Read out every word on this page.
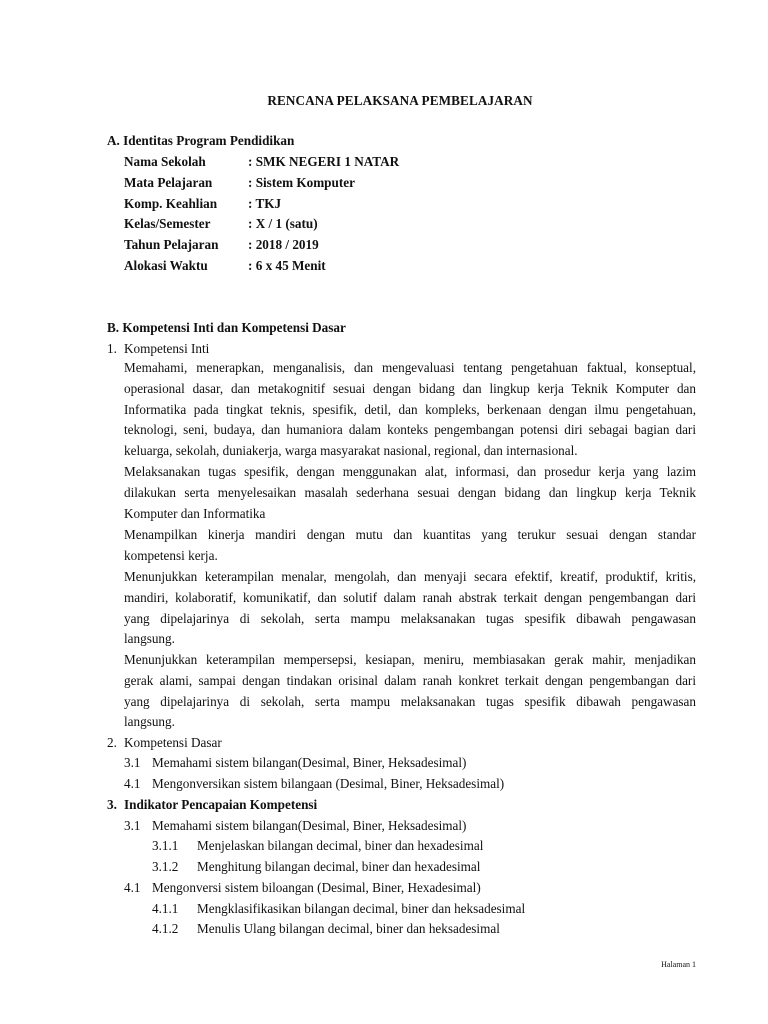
RENCANA PELAKSANA PEMBELAJARAN
A. Identitas Program Pendidikan
Nama Sekolah	: SMK NEGERI 1 NATAR
Mata Pelajaran	: Sistem Komputer
Komp. Keahlian : TKJ
Kelas/Semester	: X / 1 (satu)
Tahun Pelajaran : 2018 / 2019
Alokasi Waktu	: 6 x 45 Menit
B. Kompetensi Inti dan Kompetensi Dasar
1. Kompetensi Inti
Memahami, menerapkan, menganalisis, dan mengevaluasi tentang pengetahuan faktual, konseptual,
operasional dasar, dan metakognitif sesuai dengan bidang dan lingkup kerja Teknik Komputer dan
Informatika pada tingkat teknis, spesifik, detil, dan kompleks, berkenaan dengan ilmu pengetahuan,
teknologi, seni, budaya, dan humaniora dalam konteks pengembangan potensi diri sebagai bagian dari
keluarga, sekolah, duniakerja, warga masyarakat nasional, regional, dan internasional.
Melaksanakan tugas spesifik, dengan menggunakan alat, informasi, dan prosedur kerja yang lazim
dilakukan serta menyelesaikan masalah sederhana sesuai dengan bidang dan lingkup kerja Teknik
Komputer dan Informatika
Menampilkan kinerja mandiri dengan mutu dan kuantitas yang terukur sesuai dengan standar
kompetensi kerja.
Menunjukkan keterampilan menalar, mengolah, dan menyaji secara efektif, kreatif, produktif, kritis,
mandiri, kolaboratif, komunikatif, dan solutif dalam ranah abstrak terkait dengan pengembangan dari
yang dipelajarinya di sekolah, serta mampu melaksanakan tugas spesifik dibawah pengawasan
langsung.
Menunjukkan keterampilan mempersepsi, kesiapan, meniru, membiasakan gerak mahir, menjadikan
gerak alami, sampai dengan tindakan orisinal dalam ranah konkret terkait dengan pengembangan dari
yang dipelajarinya di sekolah, serta mampu melaksanakan tugas spesifik dibawah pengawasan
langsung.
2. Kompetensi Dasar
3.1 Memahami sistem bilangan(Desimal, Biner, Heksadesimal)
4.1 Mengonversikan sistem bilangaan (Desimal, Biner, Heksadesimal)
3. Indikator Pencapaian Kompetensi
3.1 Memahami sistem bilangan(Desimal, Biner, Heksadesimal)
3.1.1 Menjelaskan bilangan decimal, biner dan hexadesimal
3.1.2 Menghitung bilangan decimal, biner dan hexadesimal
4.1 Mengonversi sistem biloangan (Desimal, Biner, Hexadesimal)
4.1.1 Mengklasifikasikan bilangan decimal, biner dan heksadesimal
4.1.2 Menulis Ulang bilangan decimal, biner dan heksadesimal
Halaman 1
